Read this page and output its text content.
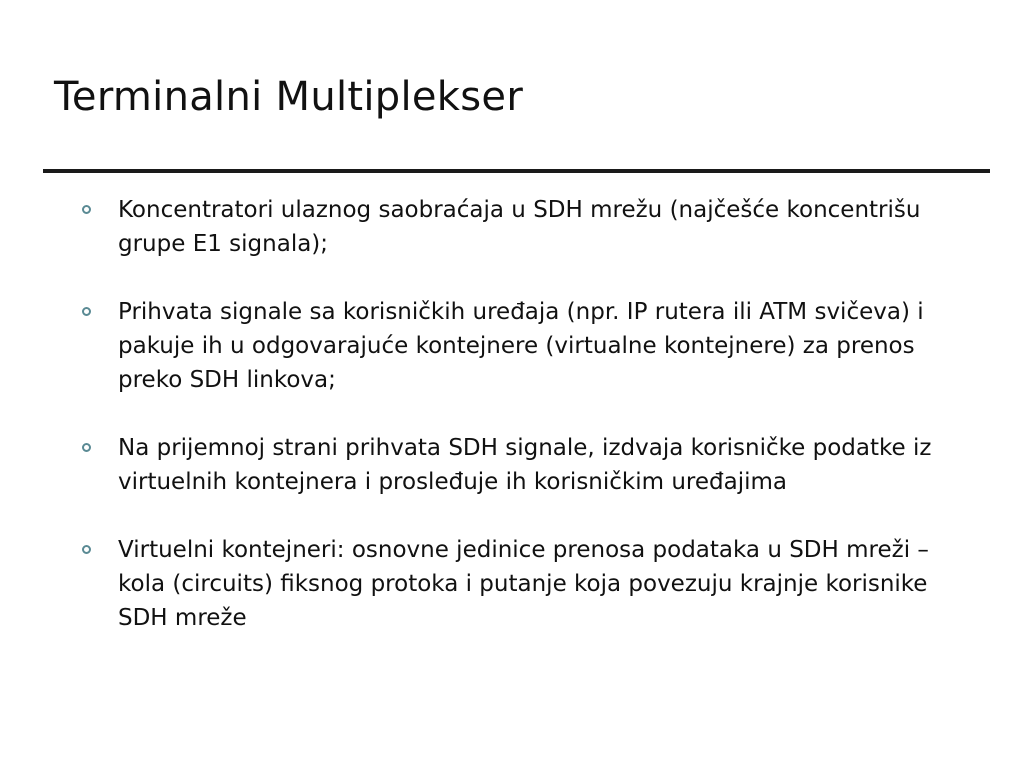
Terminalni Multiplekser
Koncentratori ulaznog saobraćaja u SDH mrežu (najčešće koncentrišu grupe E1 signala);
Prihvata signale sa korisničkih uređaja (npr. IP rutera ili ATM svičeva) i pakuje ih u odgovarajuće kontejnere (virtualne kontejnere) za prenos preko SDH linkova;
Na prijemnoj strani prihvata SDH signale, izdvaja korisničke podatke iz virtuelnih kontejnera i prosleđuje ih korisničkim uređajima
Virtuelni kontejneri: osnovne jedinice prenosa podataka u SDH mreži – kola (circuits) fiksnog protoka i putanje koja povezuju krajnje korisnike SDH mreže
